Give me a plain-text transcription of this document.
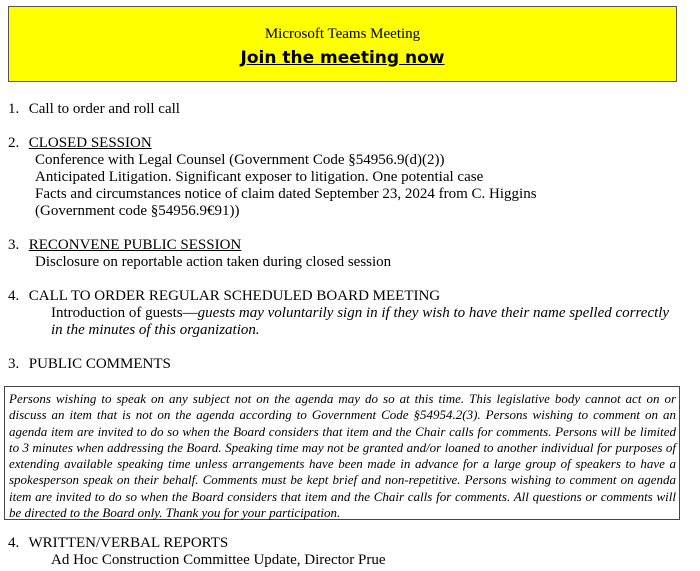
Microsoft Teams Meeting
Join the meeting now
1. Call to order and roll call
2. CLOSED SESSION
Conference with Legal Counsel (Government Code §54956.9(d)(2))
Anticipated Litigation. Significant exposer to litigation. One potential case
Facts and circumstances notice of claim dated September 23, 2024 from C. Higgins
(Government code §54956.9€91))
3. RECONVENE PUBLIC SESSION
Disclosure on reportable action taken during closed session
4. CALL TO ORDER REGULAR SCHEDULED BOARD MEETING
Introduction of guests—guests may voluntarily sign in if they wish to have their name spelled correctly in the minutes of this organization.
3. PUBLIC COMMENTS
Persons wishing to speak on any subject not on the agenda may do so at this time. This legislative body cannot act on or discuss an item that is not on the agenda according to Government Code §54954.2(3). Persons wishing to comment on an agenda item are invited to do so when the Board considers that item and the Chair calls for comments. Persons will be limited to 3 minutes when addressing the Board. Speaking time may not be granted and/or loaned to another individual for purposes of extending available speaking time unless arrangements have been made in advance for a large group of speakers to have a spokesperson speak on their behalf. Comments must be kept brief and non-repetitive. Persons wishing to comment on agenda item are invited to do so when the Board considers that item and the Chair calls for comments. All questions or comments will be directed to the Board only. Thank you for your participation.
4. WRITTEN/VERBAL REPORTS
Ad Hoc Construction Committee Update, Director Prue
